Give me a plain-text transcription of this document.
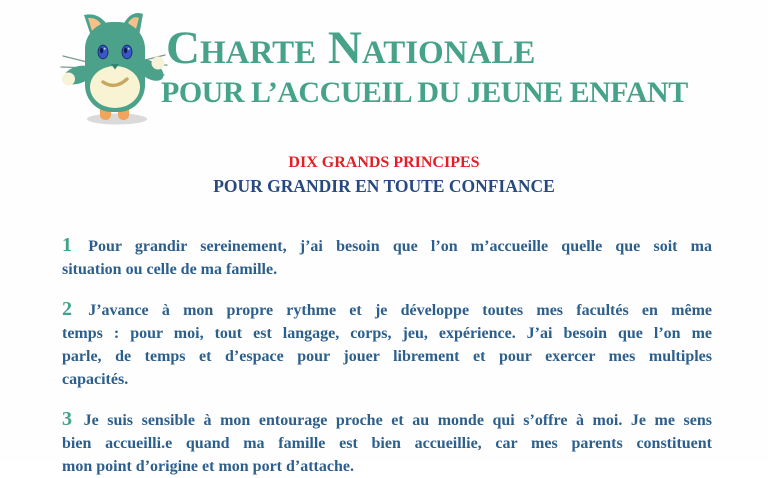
Charte Nationale
POUR L’ACCUEIL DU JEUNE ENFANT
DIX GRANDS PRINCIPES
POUR GRANDIR EN TOUTE CONFIANCE
1 Pour grandir sereinement, j’ai besoin que l’on m’accueille quelle que soit ma
situation ou celle de ma famille.
2 J’avance à mon propre rythme et je développe toutes mes facultés en même
temps : pour moi, tout est langage, corps, jeu, expérience. J’ai besoin que l’on me
parle, de temps et d’espace pour jouer librement et pour exercer mes multiples
capacités.
3 Je suis sensible à mon entourage proche et au monde qui s’offre à moi. Je me sens
bien accueilli.e quand ma famille est bien accueillie, car mes parents constituent
mon point d’origine et mon port d’attache.
